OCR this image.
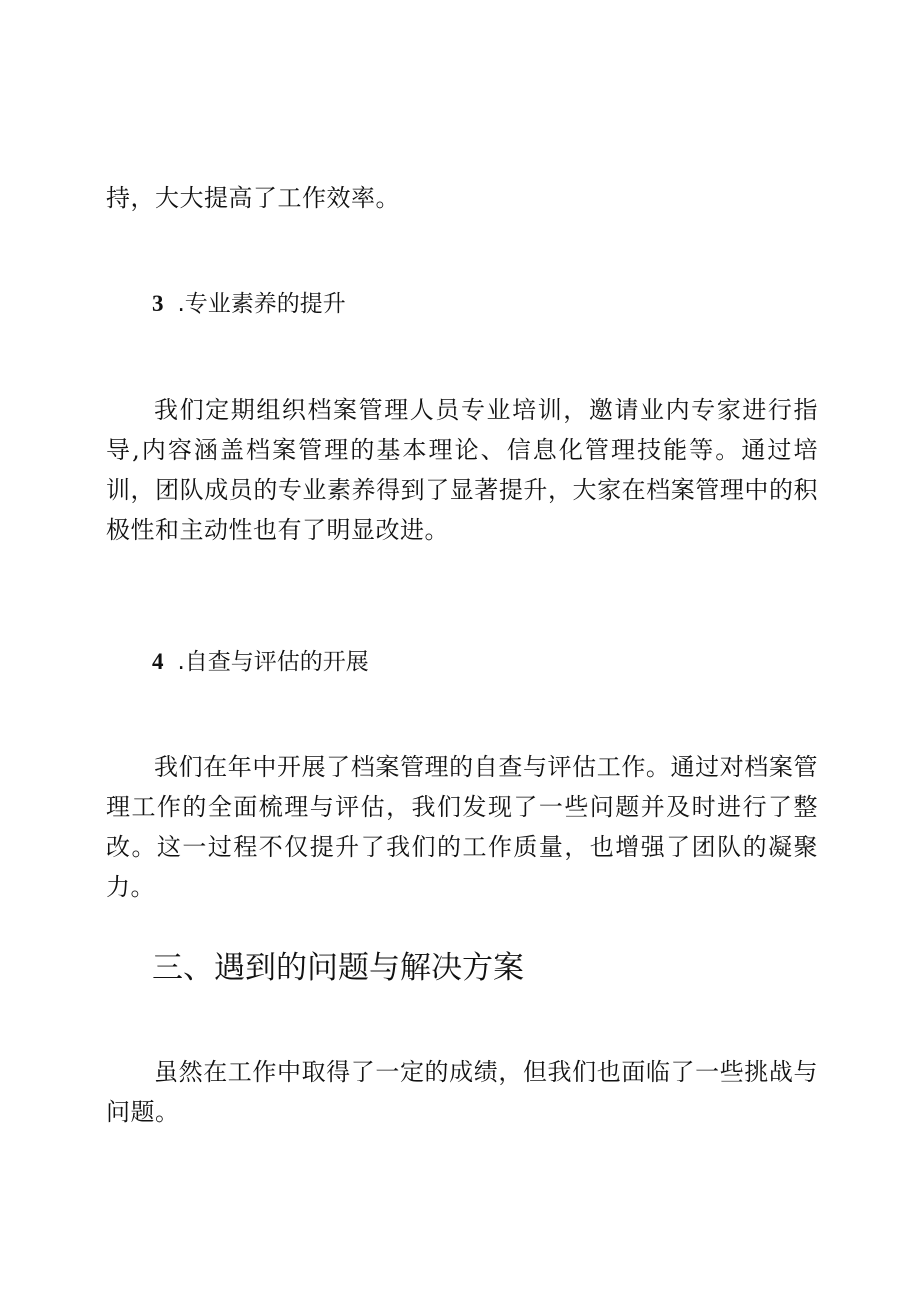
持，大大提高了工作效率。

3 .专业素养的提升

我们定期组织档案管理人员专业培训，邀请业内专家进行指导,内容涵盖档案管理的基本理论、信息化管理技能等。通过培训，团队成员的专业素养得到了显著提升，大家在档案管理中的积极性和主动性也有了明显改进。

4 .自查与评估的开展

我们在年中开展了档案管理的自查与评估工作。通过对档案管理工作的全面梳理与评估，我们发现了一些问题并及时进行了整改。这一过程不仅提升了我们的工作质量，也增强了团队的凝聚力。

三、遇到的问题与解决方案

虽然在工作中取得了一定的成绩，但我们也面临了一些挑战与问题。
